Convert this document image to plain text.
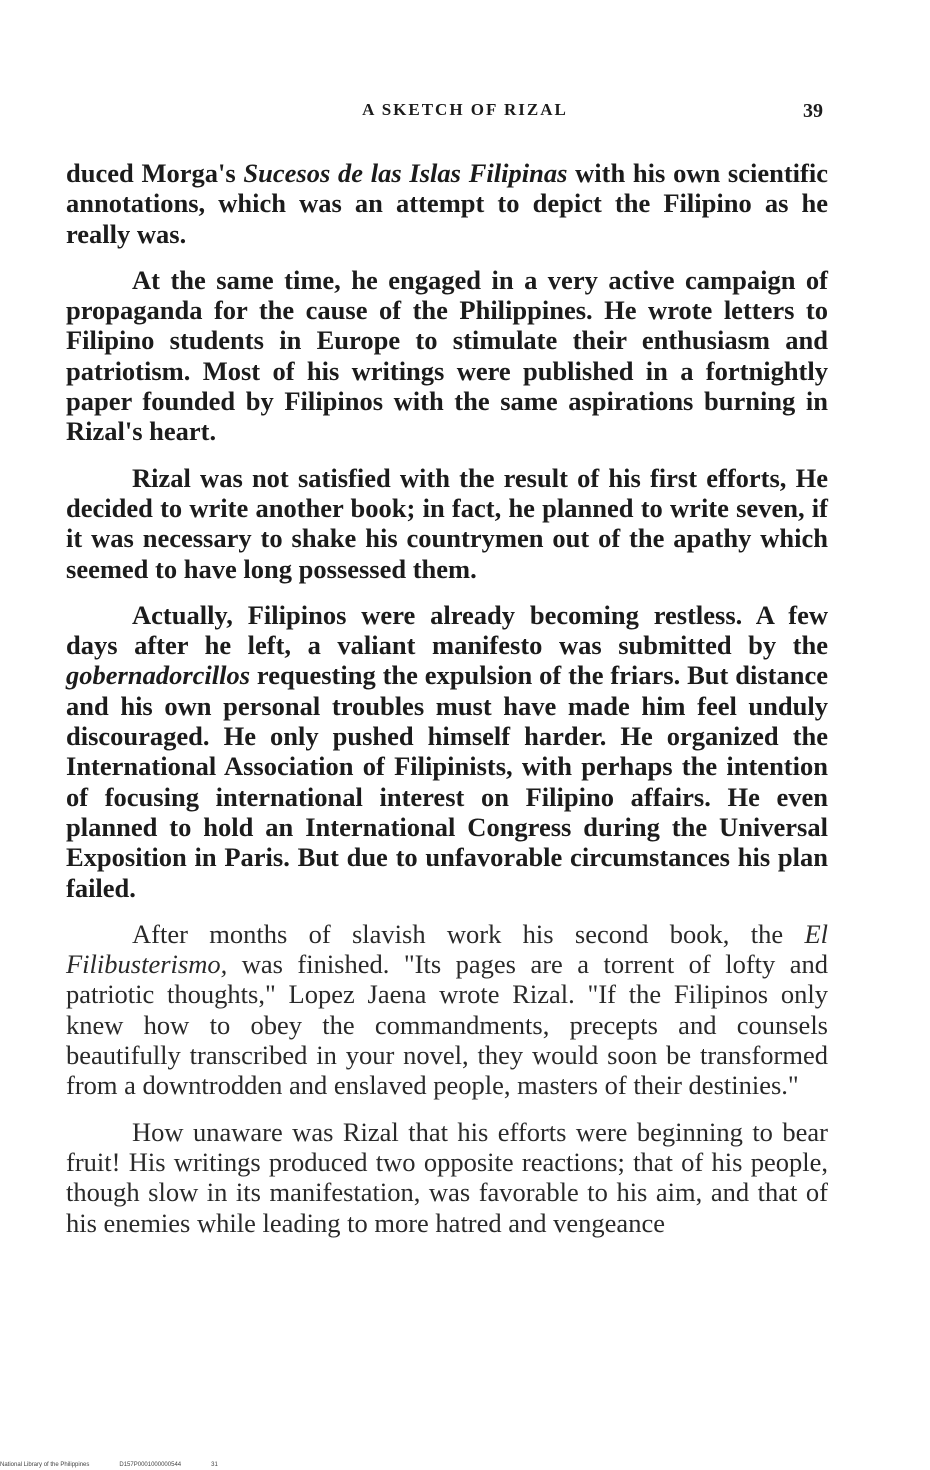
A SKETCH OF RIZAL	39

duced Morga's Sucesos de las Islas Filipinas with his own scientific annotations, which was an attempt to depict the Filipino as he really was.

At the same time, he engaged in a very active campaign of propaganda for the cause of the Philippines. He wrote letters to Filipino students in Europe to stimulate their enthusiasm and patriotism. Most of his writings were published in a fortnightly paper founded by Filipinos with the same aspirations burning in Rizal's heart.

Rizal was not satisfied with the result of his first efforts, He decided to write another book; in fact, he planned to write seven, if it was necessary to shake his countrymen out of the apathy which seemed to have long possessed them.

Actually, Filipinos were already becoming restless. A few days after he left, a valiant manifesto was submitted by the gobernadorcillos requesting the expulsion of the friars. But distance and his own personal troubles must have made him feel unduly discouraged. He only pushed himself harder. He organized the International Association of Filipinists, with perhaps the intention of focusing international interest on Filipino affairs. He even planned to hold an International Congress during the Universal Exposition in Paris. But due to unfavorable circumstances his plan failed.

After months of slavish work his second book, the El Filibusterismo, was finished. "Its pages are a torrent of lofty and patriotic thoughts," Lopez Jaena wrote Rizal. "If the Filipinos only knew how to obey the commandments, precepts and counsels beautifully transcribed in your novel, they would soon be transformed from a downtrodden and enslaved people, masters of their destinies."

How unaware was Rizal that his efforts were beginning to bear fruit! His writings produced two opposite reactions; that of his people, though slow in its manifestation, was favorable to his aim, and that of his enemies while leading to more hatred and vengeance

National Library of the Philippines	D157P0001000000544	31
